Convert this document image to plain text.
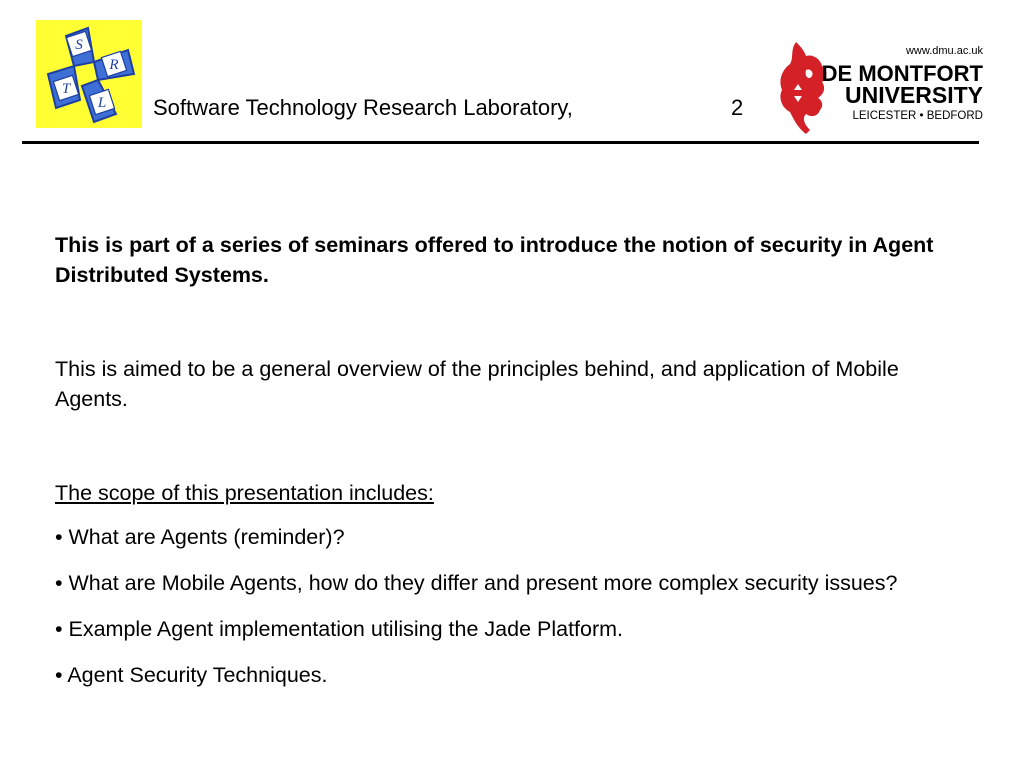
S
R
T
L Software Technology Research Laboratory,	2
www.dmu.ac.uk
DE MONTFORT
UNIVERSITY
LEICESTER • BEDFORD

This is part of a series of seminars offered to introduce the notion of security in Agent Distributed Systems.

This is aimed to be a general overview of the principles behind, and application of Mobile Agents.

The scope of this presentation includes:
• What are Agents (reminder)?
• What are Mobile Agents, how do they differ and present more complex security issues?
• Example Agent implementation utilising the Jade Platform.
• Agent Security Techniques.
